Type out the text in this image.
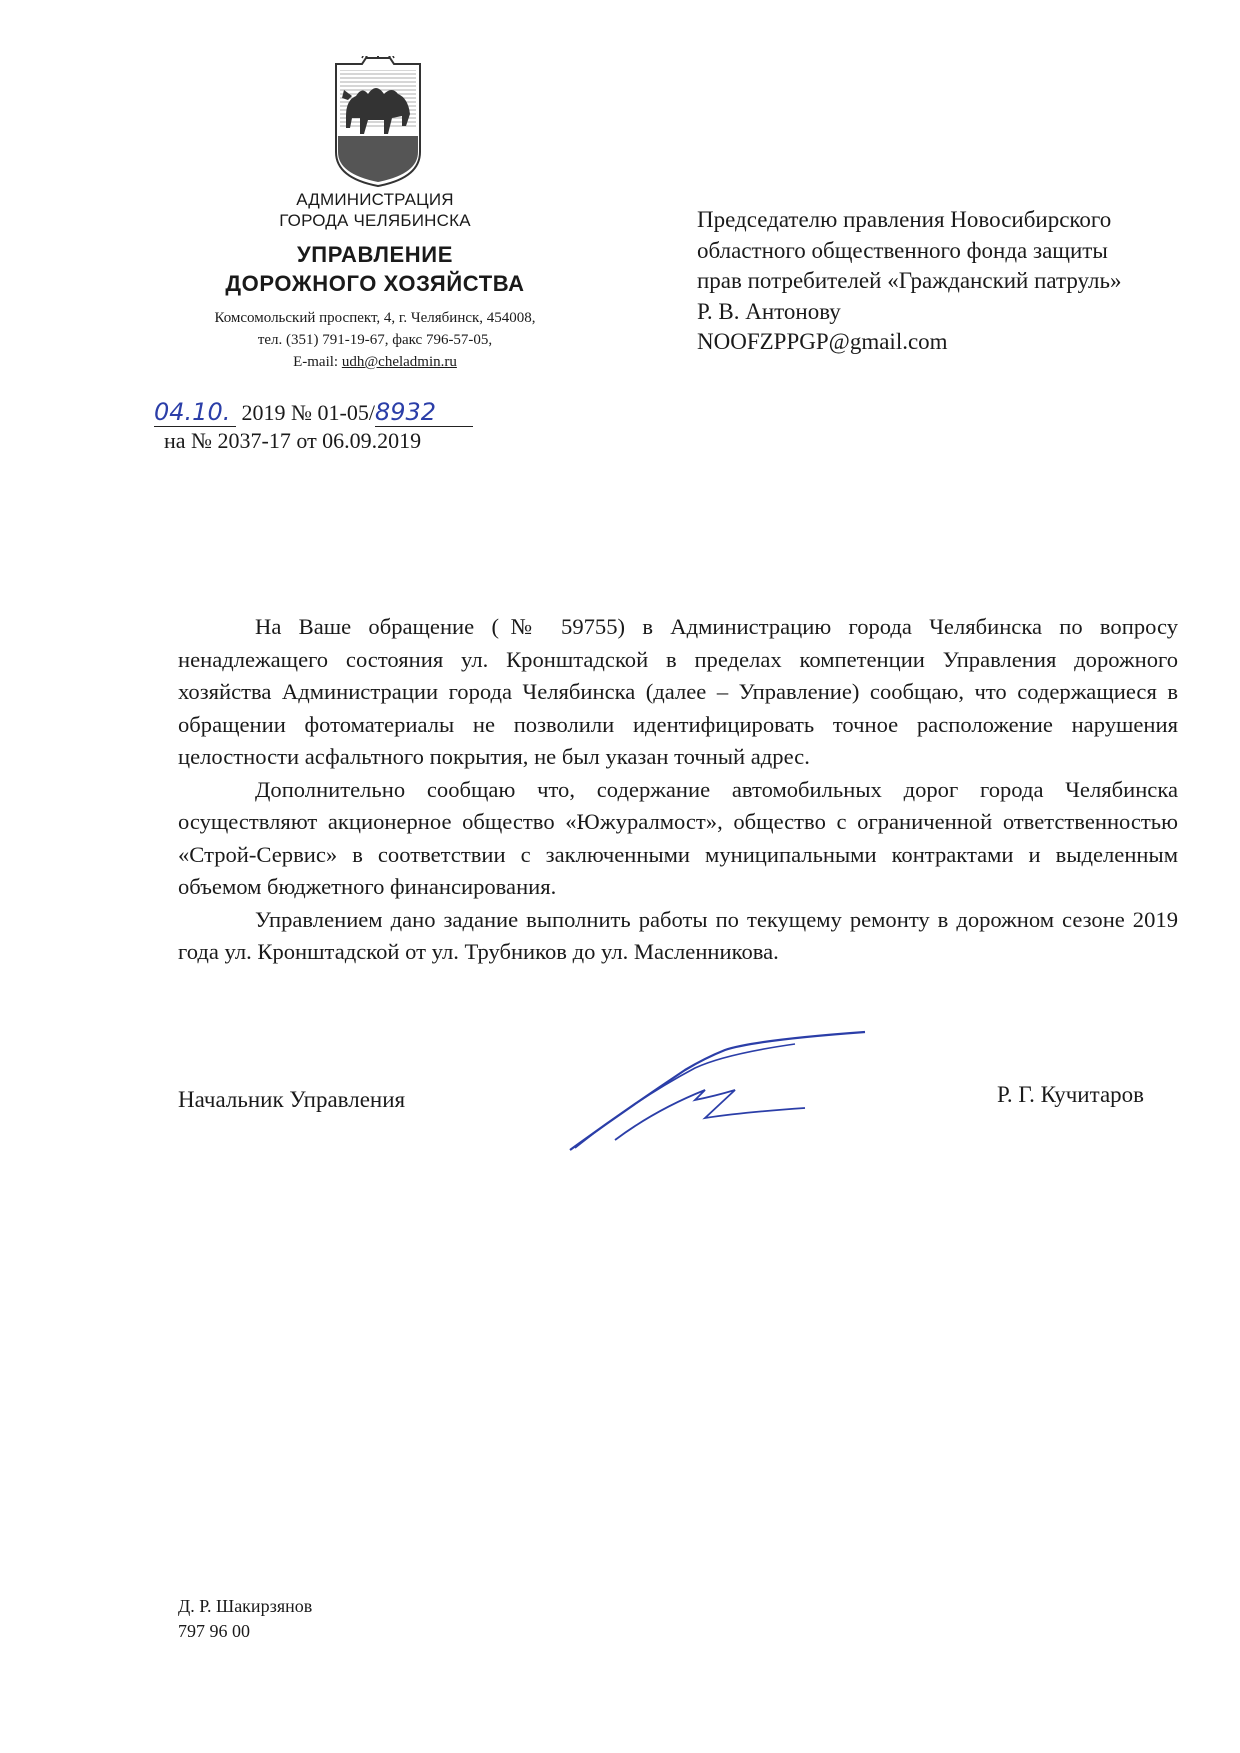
АДМИНИСТРАЦИЯ
ГОРОДА ЧЕЛЯБИНСКА
УПРАВЛЕНИЕ
ДОРОЖНОГО ХОЗЯЙСТВА
Комсомольский проспект, 4, г. Челябинск, 454008,
тел. (351) 791-19-67, факс 796-57-05,
E-mail: udh@cheladmin.ru
Председателю правления Новосибирского
областного общественного фонда защиты
прав потребителей «Гражданский патруль»
Р. В. Антонову
NOOFZPPGP@gmail.com
04.10. 2019 № 01-05/8932
на № 2037-17 от 06.09.2019

На Ваше обращение (№ 59755) в Администрацию города Челябинска по вопросу ненадлежащего состояния ул. Кронштадской в пределах компетенции Управления дорожного хозяйства Администрации города Челябинска (далее – Управление) сообщаю, что содержащиеся в обращении фотоматериалы не позволили идентифицировать точное расположение нарушения целостности асфальтного покрытия, не был указан точный адрес.

Дополнительно сообщаю что, содержание автомобильных дорог города Челябинска осуществляют акционерное общество «Южуралмост», общество с ограниченной ответственностью «Строй-Сервис» в соответствии с заключенными муниципальными контрактами и выделенным объемом бюджетного финансирования.

Управлением дано задание выполнить работы по текущему ремонту в дорожном сезоне 2019 года ул. Кронштадской от ул. Трубников до ул. Масленникова.

Начальник Управления	Р. Г. Кучитаров
Д. Р. Шакирзянов
797 96 00
